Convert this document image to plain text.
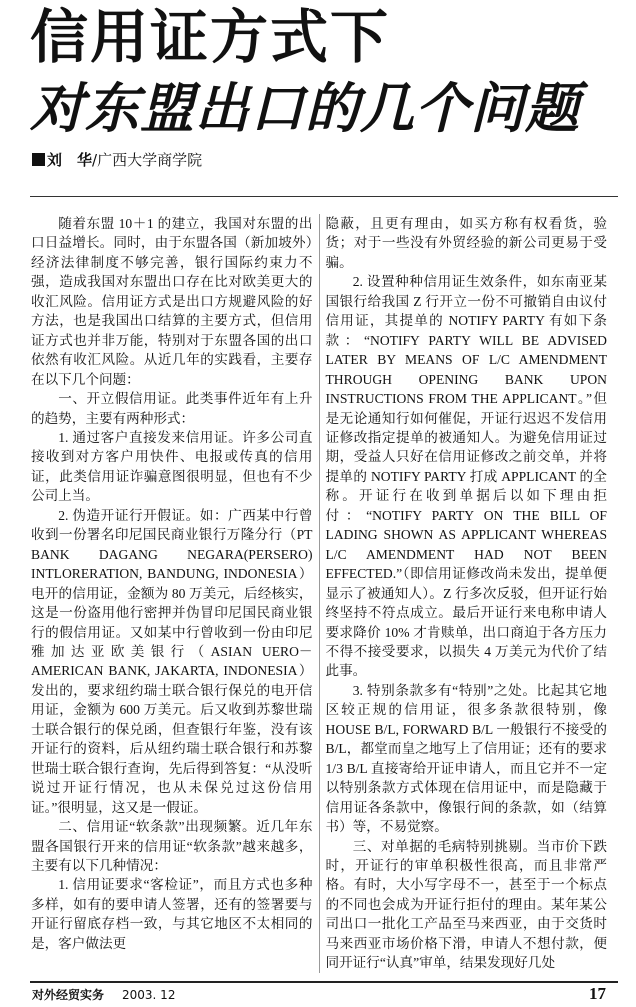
信用证方式下
对东盟出口的几个问题
刘　华/广西大学商学院

随着东盟 10＋1 的建立，我国对东盟的出口日益增长。同时，由于东盟各国（新加坡外）经济法律制度不够完善，银行国际约束力不强，造成我国对东盟出口存在比对欧美更大的收汇风险。信用证方式是出口方规避风险的好方法，也是我国出口结算的主要方式，但信用证方式也并非万能，特别对于东盟各国的出口依然有收汇风险。从近几年的实践看，主要存在以下几个问题：

一、开立假信用证。此类事件近年有上升的趋势，主要有两种形式：

1. 通过客户直接发来信用证。许多公司直接收到对方客户用快件、电报或传真的信用证，此类信用证诈骗意图很明显，但也有不少公司上当。

2. 伪造开证行开假证。如：广西某中行曾收到一份署名印尼国民商业银行万隆分行（PT BANK DAGANG NEGARA(PERSERO) INTLORERATION, BANDUNG, INDONESIA）电开的信用证，金额为 80 万美元，后经核实，这是一份盗用他行密押并伪冒印尼国民商业银行的假信用证。又如某中行曾收到一份由印尼雅加达亚欧美银行（ASIAN UERO－AMERICAN BANK, JAKARTA, INDONESIA）发出的，要求纽约瑞士联合银行保兑的电开信用证，金额为 600 万美元。后又收到苏黎世瑞士联合银行的保兑函，但查银行年鉴，没有该开证行的资料，后从纽约瑞士联合银行和苏黎世瑞士联合银行查询，先后得到答复：“从没听说过开证行情况，也从未保兑过这份信用证。”很明显，这又是一假证。

二、信用证“软条款”出现频繁。近几年东盟各国银行开来的信用证“软条款”越来越多，主要有以下几种情况：

1. 信用证要求“客检证”，而且方式也多种多样，如有的要申请人签署，还有的签署要与开证行留底存档一致，与其它地区不太相同的是，客户做法更

隐蔽，且更有理由，如买方称有权看货，验货；对于一些没有外贸经验的新公司更易于受骗。

2. 设置种种信用证生效条件，如东南亚某国银行给我国 Z 行开立一份不可撤销自由议付信用证，其提单的 NOTIFY PARTY 有如下条款：“NOTIFY PARTY WILL BE ADVISED LATER BY MEANS OF L/C AMENDMENT THROUGH OPENING BANK UPON INSTRUCTIONS FROM THE APPLICANT。”但是无论通知行如何催促，开证行迟迟不发信用证修改指定提单的被通知人。为避免信用证过期，受益人只好在信用证修改之前交单，并将提单的 NOTIFY PARTY 打成 APPLICANT 的全称。开证行在收到单据后以如下理由拒付：“NOTIFY PARTY ON THE BILL OF LADING SHOWN AS APPLICANT WHEREAS L/C AMENDMENT HAD NOT BEEN EFFECTED.”（即信用证修改尚未发出，提单便显示了被通知人）。Z 行多次反驳，但开证行始终坚持不符点成立。最后开证行来电称申请人要求降价 10% 才肯赎单，出口商迫于各方压力不得不接受要求，以损失 4 万美元为代价了结此事。

3. 特别条款多有“特别”之处。比起其它地区较正规的信用证，很多条款很特别，像 HOUSE B/L, FORWARD B/L 一般银行不接受的 B/L，都堂而皇之地写上了信用证；还有的要求 1/3 B/L 直接寄给开证申请人，而且它并不一定以特别条款方式体现在信用证中，而是隐藏于信用证各条款中，像银行间的条款，如（结算书）等，不易觉察。

三、对单据的毛病特别挑剔。当市价下跌时，开证行的审单积极性很高，而且非常严格。有时，大小写字母不一，甚至于一个标点的不同也会成为开证行拒付的理由。某年某公司出口一批化工产品至马来西亚，由于交货时马来西亚市场价格下滑，申请人不想付款，便同开证行“认真”审单，结果发现好几处

对外经贸实务 2003. 12	17
